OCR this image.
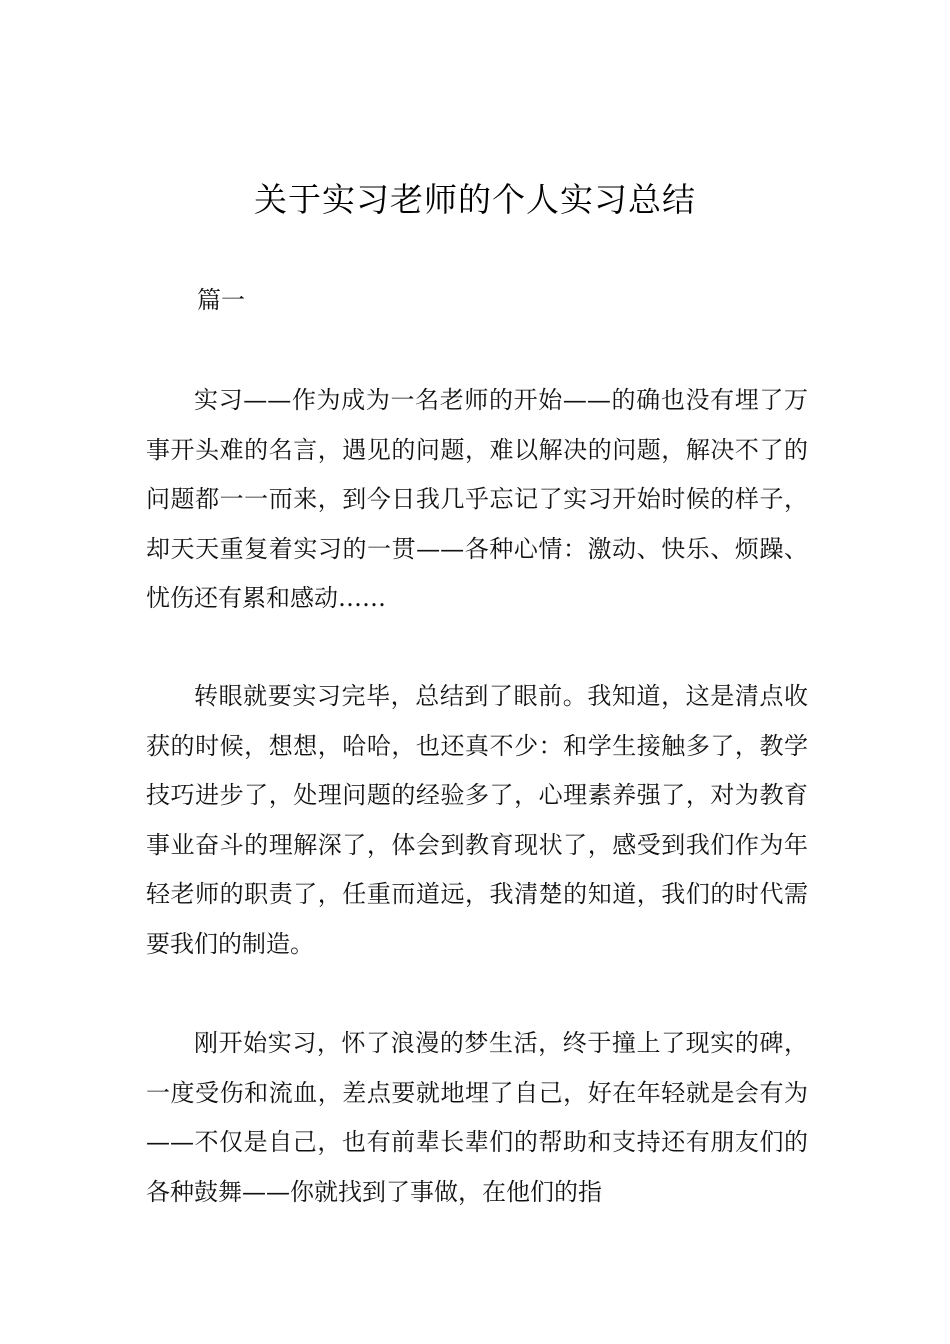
关于实习老师的个人实习总结
篇一

实习——作为成为一名老师的开始——的确也没有埋了万事开头难的名言，遇见的问题，难以解决的问题，解决不了的问题都一一而来，到今日我几乎忘记了实习开始时候的样子，却天天重复着实习的一贯——各种心情：激动、快乐、烦躁、忧伤还有累和感动……

转眼就要实习完毕，总结到了眼前。我知道，这是清点收获的时候，想想，哈哈，也还真不少：和学生接触多了，教学技巧进步了，处理问题的经验多了，心理素养强了，对为教育事业奋斗的理解深了，体会到教育现状了，感受到我们作为年轻老师的职责了，任重而道远，我清楚的知道，我们的时代需要我们的制造。

刚开始实习，怀了浪漫的梦生活，终于撞上了现实的碑，一度受伤和流血，差点要就地埋了自己，好在年轻就是会有为——不仅是自己，也有前辈长辈们的帮助和支持还有朋友们的各种鼓舞——你就找到了事做，在他们的指
